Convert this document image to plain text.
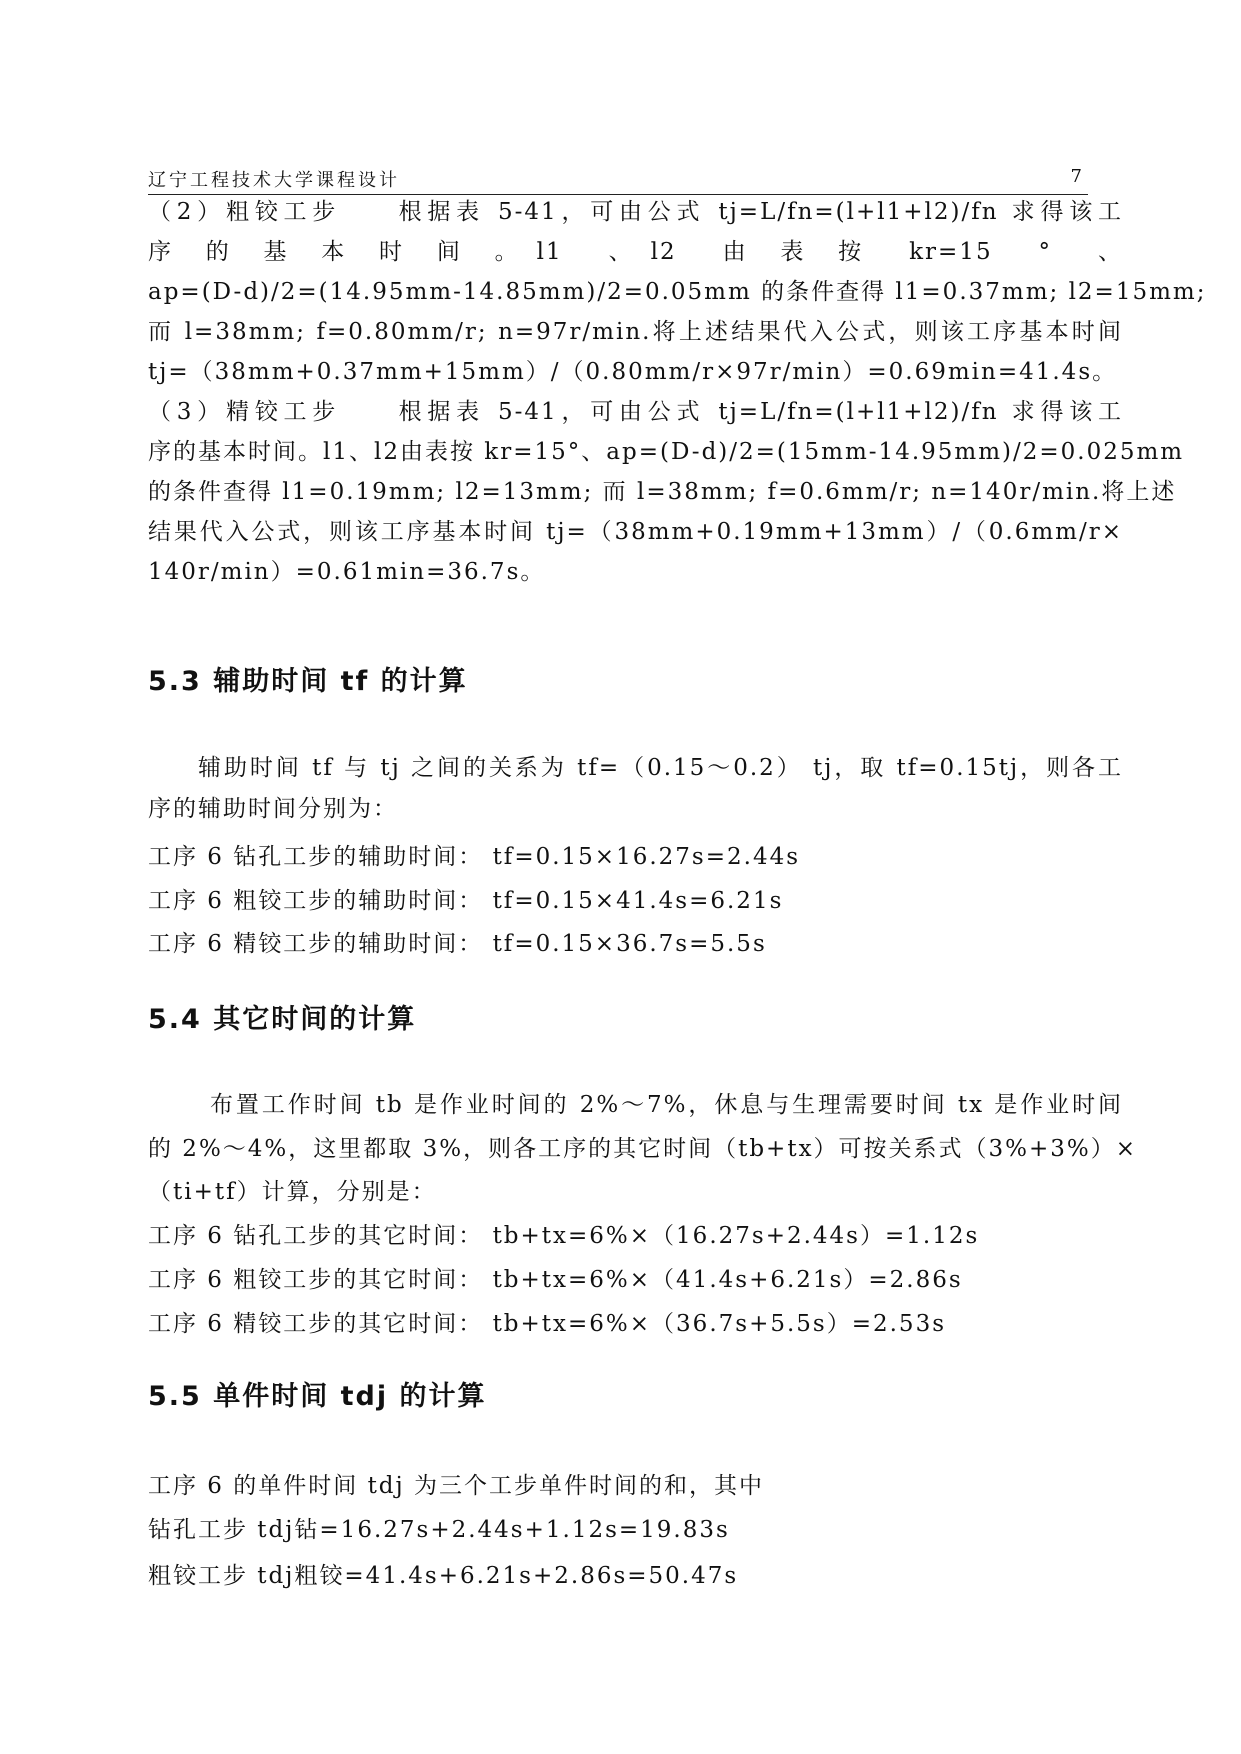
辽宁工程技术大学课程设计	7
（2）粗铰工步　　根据表 5-41，可由公式 tj=L/fn=(l+l1+l2)/fn 求得该工
序　的　基　本　时　间　。 l1　 、 l2　 由　表　按　 kr=15　 °　 、
ap=(D-d)/2=(14.95mm-14.85mm)/2=0.05mm 的条件查得 l1=0.37mm; l2=15mm;
而 l=38mm; f=0.80mm/r; n=97r/min.将上述结果代入公式，则该工序基本时间
tj=（38mm+0.37mm+15mm）/（0.80mm/r×97r/min）=0.69min=41.4s。
（3）精铰工步　　根据表 5-41，可由公式 tj=L/fn=(l+l1+l2)/fn 求得该工
序的基本时间。l1、l2由表按 kr=15°、ap=(D-d)/2=(15mm-14.95mm)/2=0.025mm
的条件查得 l1=0.19mm; l2=13mm; 而 l=38mm; f=0.6mm/r; n=140r/min.将上述
结果代入公式，则该工序基本时间 tj=（38mm+0.19mm+13mm）/（0.6mm/r×
140r/min）=0.61min=36.7s。
5.3 辅助时间 tf 的计算
辅助时间 tf 与 tj 之间的关系为 tf=（0.15～0.2） tj，取 tf=0.15tj，则各工
序的辅助时间分别为：
工序 6 钻孔工步的辅助时间： tf=0.15×16.27s=2.44s
工序 6 粗铰工步的辅助时间： tf=0.15×41.4s=6.21s
工序 6 精铰工步的辅助时间： tf=0.15×36.7s=5.5s
5.4 其它时间的计算
布置工作时间 tb 是作业时间的 2%～7%，休息与生理需要时间 tx 是作业时间
的 2%～4%，这里都取 3%，则各工序的其它时间（tb+tx）可按关系式（3%+3%）×
（ti+tf）计算，分别是：
工序 6 钻孔工步的其它时间： tb+tx=6%×（16.27s+2.44s）=1.12s
工序 6 粗铰工步的其它时间： tb+tx=6%×（41.4s+6.21s）=2.86s
工序 6 精铰工步的其它时间： tb+tx=6%×（36.7s+5.5s）=2.53s
5.5 单件时间 tdj 的计算
工序 6 的单件时间 tdj 为三个工步单件时间的和，其中
钻孔工步 tdj钻=16.27s+2.44s+1.12s=19.83s
粗铰工步 tdj粗铰=41.4s+6.21s+2.86s=50.47s
